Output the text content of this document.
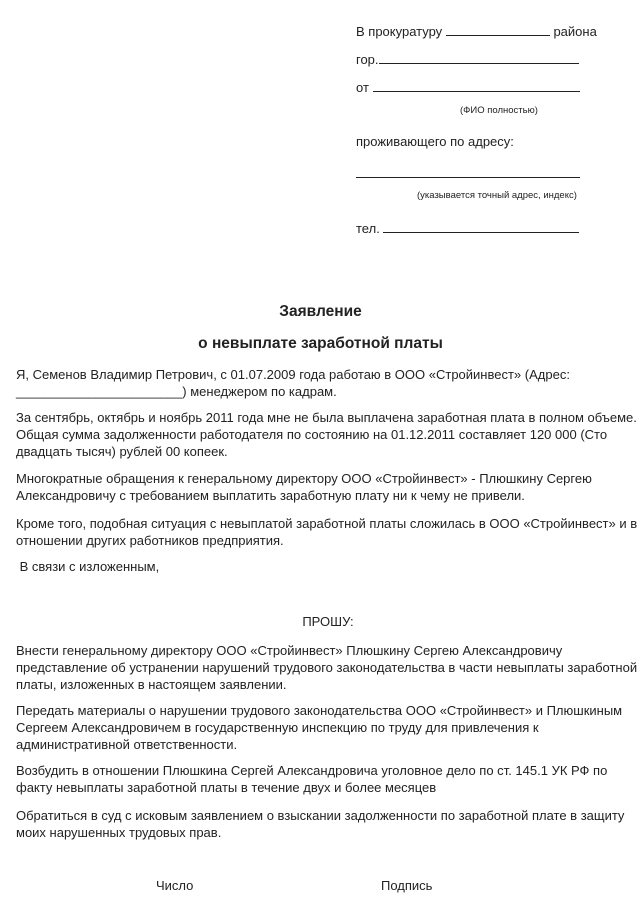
В прокуратуру	района
гор.
от
(ФИО полностью)
проживающего по адресу:
(указывается точный адрес, индекс)
тел.
Заявление
о невыплате заработной платы
Я, Семенов Владимир Петрович, с 01.07.2009 года работаю в ООО «Стройинвест» (Адрес:
_______________________) менеджером по кадрам.
За сентябрь, октябрь и ноябрь 2011 года мне не была выплачена заработная плата в полном объеме.
Общая сумма задолженности работодателя по состоянию на 01.12.2011 составляет 120 000 (Сто
двадцать тысяч) рублей 00 копеек.
Многократные обращения к генеральному директору ООО «Стройинвест» - Плюшкину Сергею
Александровичу с требованием выплатить заработную плату ни к чему не привели.
Кроме того, подобная ситуация с невыплатой заработной платы сложилась в ООО «Стройинвест» и в
отношении других работников предприятия.
В связи с изложенным,
ПРОШУ:
Внести генеральному директору ООО «Стройинвест» Плюшкину Сергею Александровичу
представление об устранении нарушений трудового законодательства в части невыплаты заработной
платы, изложенных в настоящем заявлении.
Передать материалы о нарушении трудового законодательства ООО «Стройинвест» и Плюшкиным
Сергеем Александровичем в государственную инспекцию по труду для привлечения к
административной ответственности.
Возбудить в отношении Плюшкина Сергей Александровича уголовное дело по ст. 145.1 УК РФ по
факту невыплаты заработной платы в течение двух и более месяцев
Обратиться в суд с исковым заявлением о взыскании задолженности по заработной плате в защиту
моих нарушенных трудовых прав.
Число	Подпись
